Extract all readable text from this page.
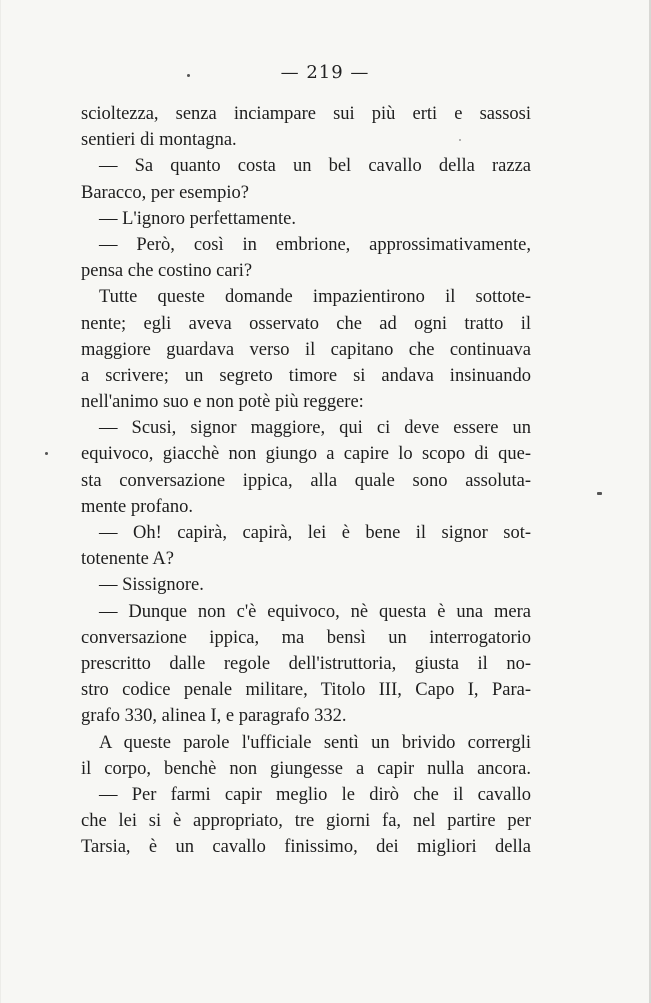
— 219 —
scioltezza, senza inciampare sui più erti e sassosi
sentieri di montagna.
— Sa quanto costa un bel cavallo della razza
Baracco, per esempio?
— L'ignoro perfettamente.
— Però, così in embrione, approssimativamente,
pensa che costino cari?
Tutte queste domande impazientirono il sottote-
nente; egli aveva osservato che ad ogni tratto il
maggiore guardava verso il capitano che continuava
a scrivere; un segreto timore si andava insinuando
nell'animo suo e non potè più reggere:
— Scusi, signor maggiore, qui ci deve essere un
equivoco, giacchè non giungo a capire lo scopo di que-
sta conversazione ippica, alla quale sono assoluta-
mente profano.
— Oh! capirà, capirà, lei è bene il signor sot-
totenente A?
— Sissignore.
— Dunque non c'è equivoco, nè questa è una mera
conversazione ippica, ma bensì un interrogatorio
prescritto dalle regole dell'istruttoria, giusta il no-
stro codice penale militare, Titolo III, Capo I, Para-
grafo 330, alinea I, e paragrafo 332.
A queste parole l'ufficiale sentì un brivido corrergli
il corpo, benchè non giungesse a capir nulla ancora.
— Per farmi capir meglio le dirò che il cavallo
che lei si è appropriato, tre giorni fa, nel partire per
Tarsia, è un cavallo finissimo, dei migliori della
